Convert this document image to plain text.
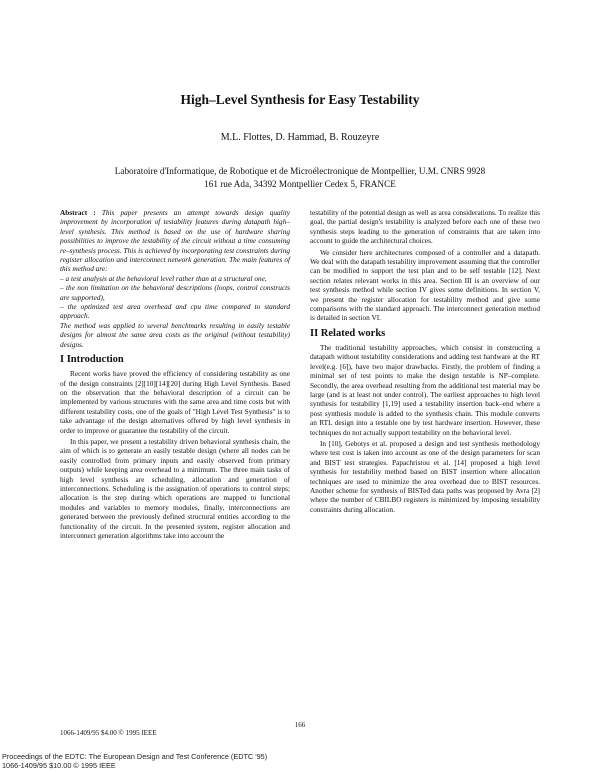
High–Level Synthesis for Easy Testability
M.L. Flottes, D. Hammad, B. Rouzeyre
Laboratoire d'Informatique, de Robotique et de Microélectronique de Montpellier, U.M. CNRS 9928
161 rue Ada, 34392 Montpellier Cedex 5, FRANCE

Abstract : This paper presents an attempt towards design quality improvement by incorporation of testability features during datapath high–level synthesis. This method is based on the use of hardware sharing possibilities to improve the testability of the circuit without a time consuming re–synthesis process. This is achieved by incorporating test constraints during register allocation and interconnect network generation. The main features of this method are:

– a test analysis at the behavioral level rather than at a structural one,

– the non limitation on the behavioral descriptions (loops, control constructs are supported),

– the optimized test area overhead and cpu time compared to standard approach.

The method was applied to several benchmarks resulting in easily testable designs for almost the same area costs as the original (without testability) designs.

I Introduction

Recent works have proved the efficiency of considering testability as one of the design constraints [2][10][14][20] during High Level Synthesis. Based on the observation that the behavioral description of a circuit can be implemented by various structures with the same area and time costs but with different testability costs, one of the goals of "High Level Test Synthesis" is to take advantage of the design alternatives offered by high level synthesis in order to improve or guarantee the testability of the circuit.

In this paper, we present a testability driven behavioral synthesis chain, the aim of which is to generate an easily testable design (where all nodes can be easily controlled from primary inputs and easily observed from primary outputs) while keeping area overhead to a minimum. The three main tasks of high level synthesis are scheduling, allocation and generation of interconnections. Scheduling is the assignation of operations to control steps; allocation is the step during which operations are mapped to functional modules and variables to memory modules, finally, interconnections are generated between the previously defined structural entities according to the functionality of the circuit. In the presented system, register allocation and interconnect generation algorithms take into account the

testability of the potential design as well as area considerations. To realize this goal, the partial design's testability is analyzed before each one of these two synthesis steps leading to the generation of constraints that are taken into account to guide the architectural choices.

We consider here architectures composed of a controller and a datapath. We deal with the datapath testability improvement assuming that the controller can be modified to support the test plan and to be self testable [12]. Next section relates relevant works in this area. Section III is an overview of our test synthesis method while section IV gives some definitions. In section V, we present the register allocation for testability method and give some comparisons with the standard approach. The interconnect generation method is detailed in section VI.

II Related works

The traditional testability approaches, which consist in constructing a datapath without testability considerations and adding test hardware at the RT level(e.g. [6]), have two major drawbacks. Firstly, the problem of finding a minimal set of test points to make the design testable is NP–complete. Secondly, the area overhead resulting from the additional test material may be large (and is at least not under control). The earliest approaches to high level synthesis for testability [1,19] used a testability insertion back–end where a post synthesis module is added to the synthesis chain. This module converts an RTL design into a testable one by test hardware insertion. However, these techniques do not actually support testability on the behavioral level.

In [10], Gebotys et al. proposed a design and test synthesis methodology where test cost is taken into account as one of the design parameters for scan and BIST test strategies. Papachristou et al. [14] proposed a high level synthesis for testability method based on BIST insertion where allocation techniques are used to minimize the area overhead due to BIST resources. Another scheme for synthesis of BISTed data paths was proposed by Avra [2] where the number of CBILBO registers is minimized by imposing testability constraints during allocation.

166
1066-1409/95 $4.00 © 1995 IEEE
Proceedings of the EDTC: The European Design and Test Conference (EDTC '95)
1066-1409/95 $10.00 © 1995 IEEE
